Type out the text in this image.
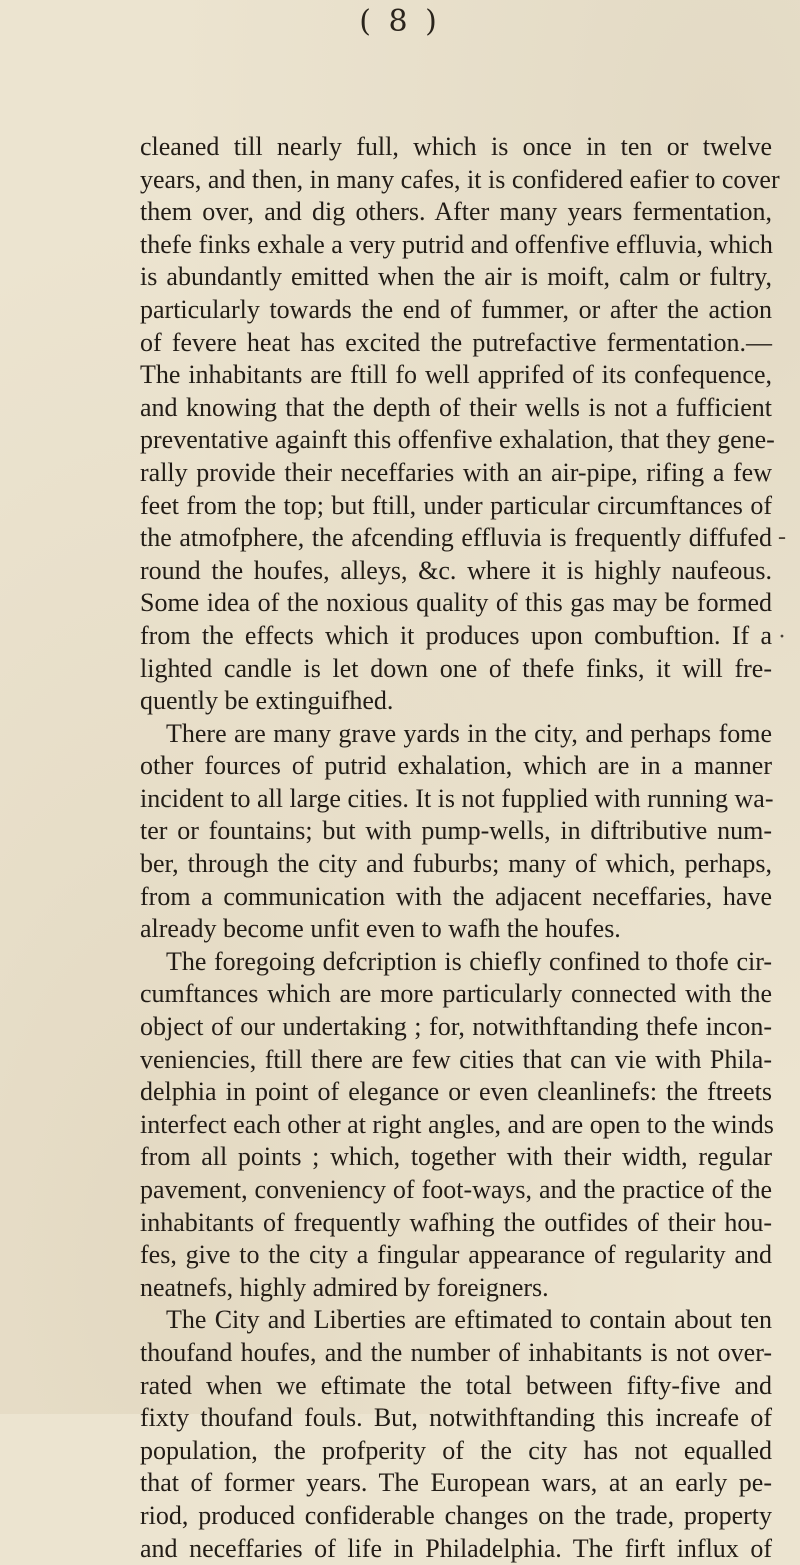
( 8 )
cleaned till nearly full, which is once in ten or twelve
years, and then, in many cafes, it is confidered eafier to cover
them over, and dig others. After many years fermentation,
thefe finks exhale a very putrid and offenfive effluvia, which
is abundantly emitted when the air is moift, calm or fultry,
particularly towards the end of fummer, or after the action
of fevere heat has excited the putrefactive fermentation.—
The inhabitants are ftill fo well apprifed of its confequence,
and knowing that the depth of their wells is not a fufficient
preventative againft this offenfive exhalation, that they gene-
rally provide their neceffaries with an air-pipe, rifing a few
feet from the top; but ftill, under particular circumftances of
the atmofphere, the afcending effluvia is frequently diffufed
round the houfes, alleys, &c. where it is highly naufeous.
Some idea of the noxious quality of this gas may be formed
from the effects which it produces upon combuftion. If a
lighted candle is let down one of thefe finks, it will fre-
quently be extinguifhed.
There are many grave yards in the city, and perhaps fome
other fources of putrid exhalation, which are in a manner
incident to all large cities. It is not fupplied with running wa-
ter or fountains; but with pump-wells, in diftributive num-
ber, through the city and fuburbs; many of which, perhaps,
from a communication with the adjacent neceffaries, have
already become unfit even to wafh the houfes.
The foregoing defcription is chiefly confined to thofe cir-
cumftances which are more particularly connected with the
object of our undertaking ; for, notwithftanding thefe incon-
veniencies, ftill there are few cities that can vie with Phila-
delphia in point of elegance or even cleanlinefs: the ftreets
interfect each other at right angles, and are open to the winds
from all points ; which, together with their width, regular
pavement, conveniency of foot-ways, and the practice of the
inhabitants of frequently wafhing the outfides of their hou-
fes, give to the city a fingular appearance of regularity and
neatnefs, highly admired by foreigners.
The City and Liberties are eftimated to contain about ten
thoufand houfes, and the number of inhabitants is not over-
rated when we eftimate the total between fifty-five and
fixty thoufand fouls. But, notwithftanding this increafe of
population, the profperity of the city has not equalled
that of former years. The European wars, at an early pe-
riod, produced confiderable changes on the trade, property
and neceffaries of life in Philadelphia. The firft influx of
-
·
